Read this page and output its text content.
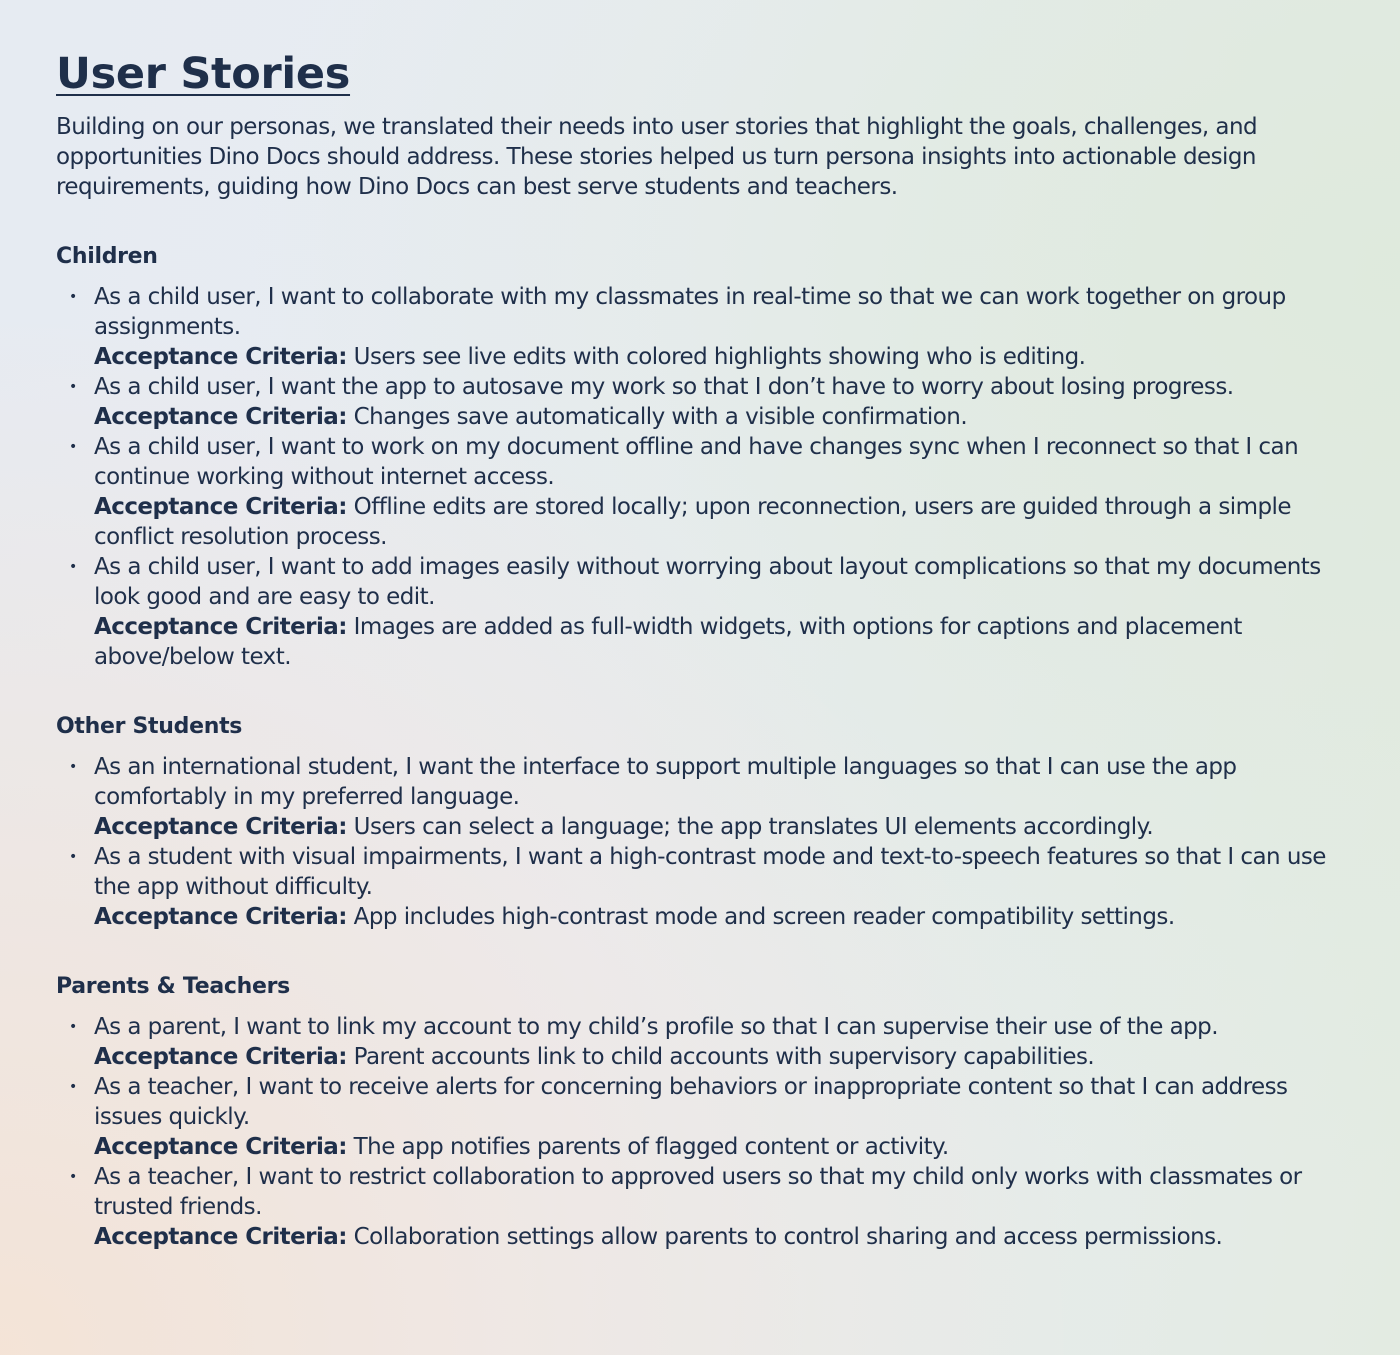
User Stories

Building on our personas, we translated their needs into user stories that highlight the goals, challenges, and opportunities Dino Docs should address. These stories helped us turn persona insights into actionable design requirements, guiding how Dino Docs can best serve students and teachers.

Children
• As a child user, I want to collaborate with my classmates in real-time so that we can work together on group assignments.
Acceptance Criteria: Users see live edits with colored highlights showing who is editing.
• As a child user, I want the app to autosave my work so that I don’t have to worry about losing progress.
Acceptance Criteria: Changes save automatically with a visible confirmation.
• As a child user, I want to work on my document offline and have changes sync when I reconnect so that I can continue working without internet access.
Acceptance Criteria: Offline edits are stored locally; upon reconnection, users are guided through a simple conflict resolution process.
• As a child user, I want to add images easily without worrying about layout complications so that my documents look good and are easy to edit.
Acceptance Criteria: Images are added as full-width widgets, with options for captions and placement above/below text.
Other Students
• As an international student, I want the interface to support multiple languages so that I can use the app comfortably in my preferred language.
Acceptance Criteria: Users can select a language; the app translates UI elements accordingly.
• As a student with visual impairments, I want a high-contrast mode and text-to-speech features so that I can use the app without difficulty.
Acceptance Criteria: App includes high-contrast mode and screen reader compatibility settings.
Parents & Teachers
• As a parent, I want to link my account to my child’s profile so that I can supervise their use of the app.
Acceptance Criteria: Parent accounts link to child accounts with supervisory capabilities.
• As a teacher, I want to receive alerts for concerning behaviors or inappropriate content so that I can address issues quickly.
Acceptance Criteria: The app notifies parents of flagged content or activity.
• As a teacher, I want to restrict collaboration to approved users so that my child only works with classmates or trusted friends.
Acceptance Criteria: Collaboration settings allow parents to control sharing and access permissions.
